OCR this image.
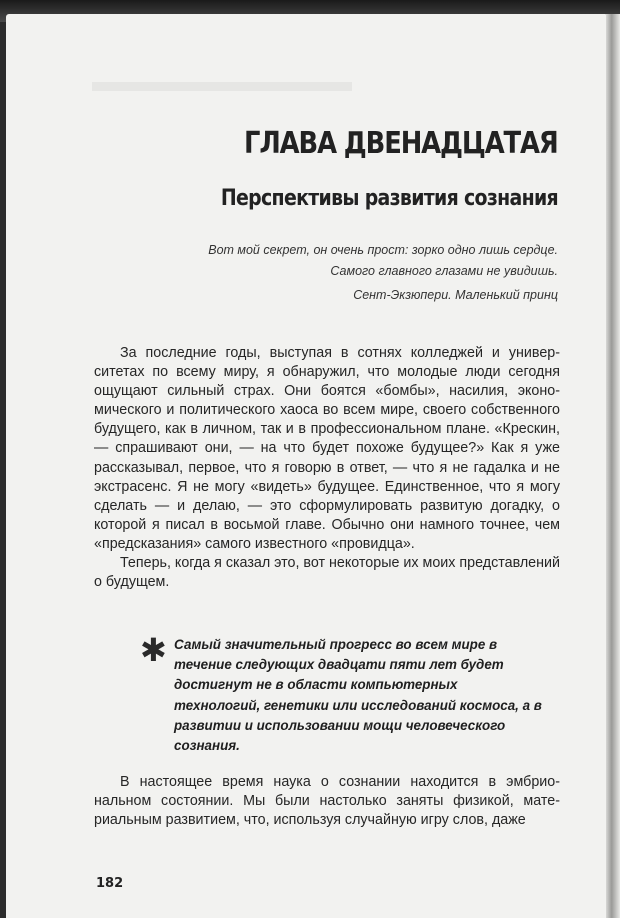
ГЛАВА ДВЕНАДЦАТАЯ
Перспективы развития сознания
Вот мой секрет, он очень прост: зорко одно лишь сердце.
Самого главного глазами не увидишь.
Сент-Экзюпери. Маленький принц

За последние годы, выступая в сотнях колледжей и университетах по всему миру, я обнаружил, что молодые люди сегодня ощущают сильный страх. Они боятся «бомбы», насилия, экономического и политического хаоса во всем мире, своего собственного будущего, как в личном, так и в профессиональном плане. «Крескин, — спрашивают они, — на что будет похоже будущее?» Как я уже рассказывал, первое, что я говорю в ответ, — что я не гадалка и не экстрасенс. Я не могу «видеть» будущее. Единственное, что я могу сделать — и делаю, — это сформулировать развитую догадку, о которой я писал в восьмой главе. Обычно они намного точнее, чем «предсказания» самого известного «провидца».

Теперь, когда я сказал это, вот некоторые их моих представлений о будущем.

✱ Самый значительный прогресс во всем мире в течение следующих двадцати пяти лет будет достигнут не в области компьютерных технологий, генетики или исследований космоса, а в развитии и использовании мощи человеческого сознания.

В настоящее время наука о сознании находится в эмбриональном состоянии. Мы были настолько заняты физикой, материальным развитием, что, используя случайную игру слов, даже

182
